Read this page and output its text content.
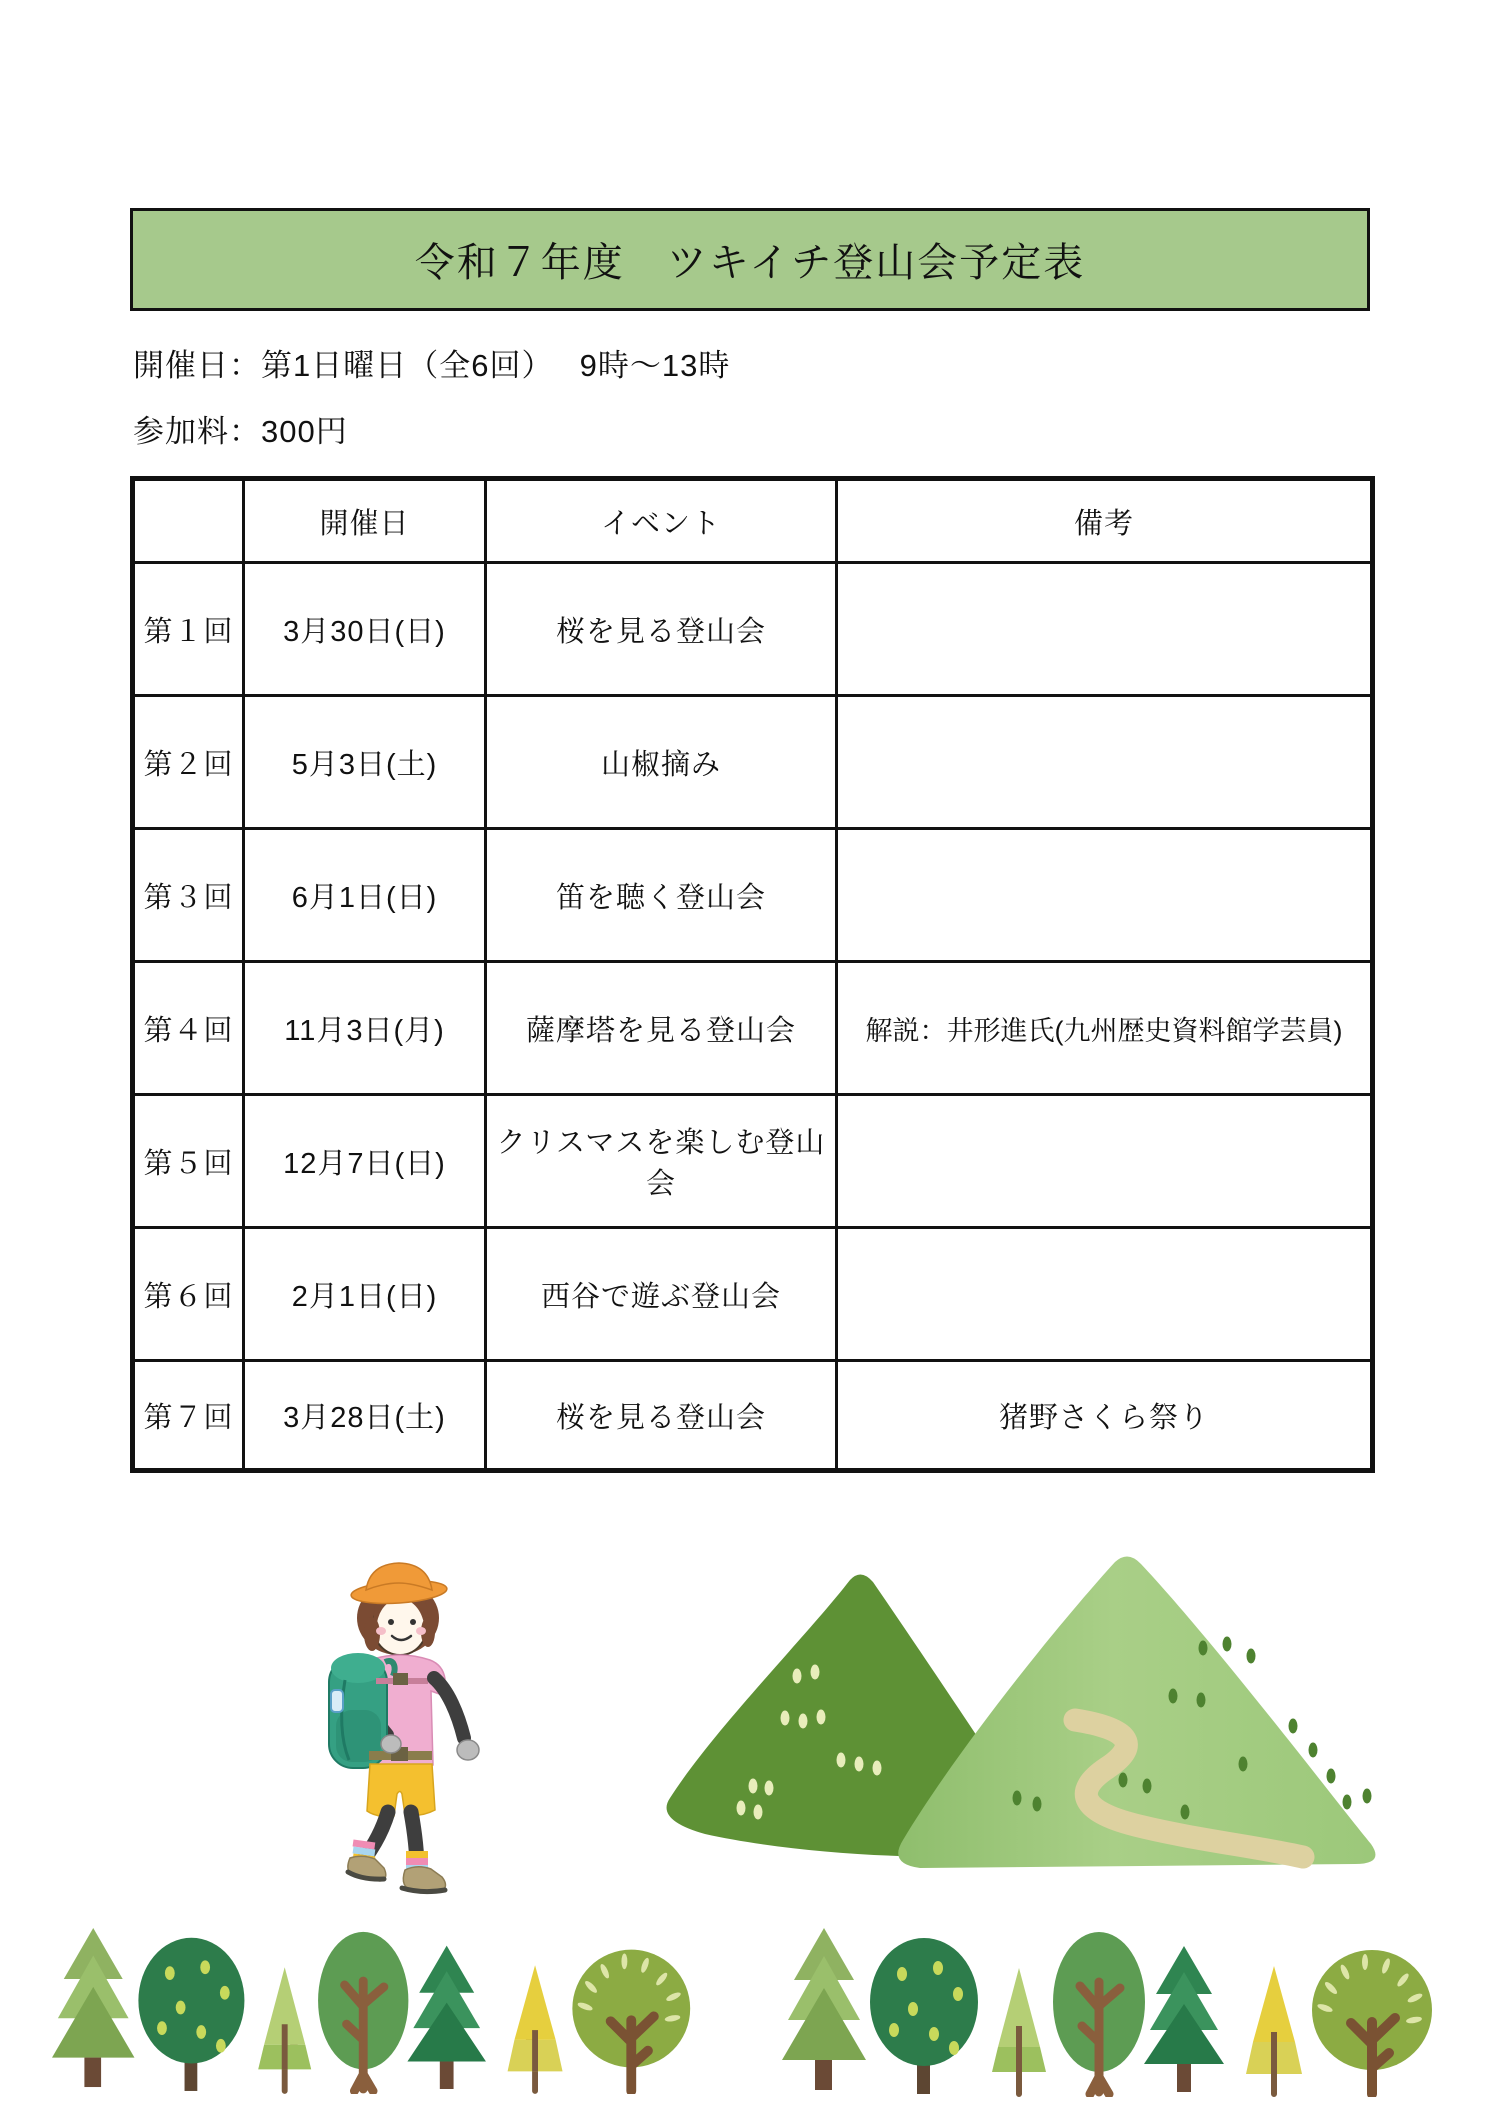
令和７年度　ツキイチ登山会予定表
開催日：第1日曜日（全6回）　 9時〜13時
参加料：300円
	開催日	イベント	備考
第１回	3月30日(日)	桜を見る登山会	
第２回	5月3日(土)	山椒摘み	
第３回	6月1日(日)	笛を聴く登山会	
第４回	11月3日(月)	薩摩塔を見る登山会	解説：井形進氏(九州歴史資料館学芸員)
第５回	12月7日(日)	クリスマスを楽しむ登山会	
第６回	2月1日(日)	西谷で遊ぶ登山会	
第７回	3月28日(土)	桜を見る登山会	猪野さくら祭り
